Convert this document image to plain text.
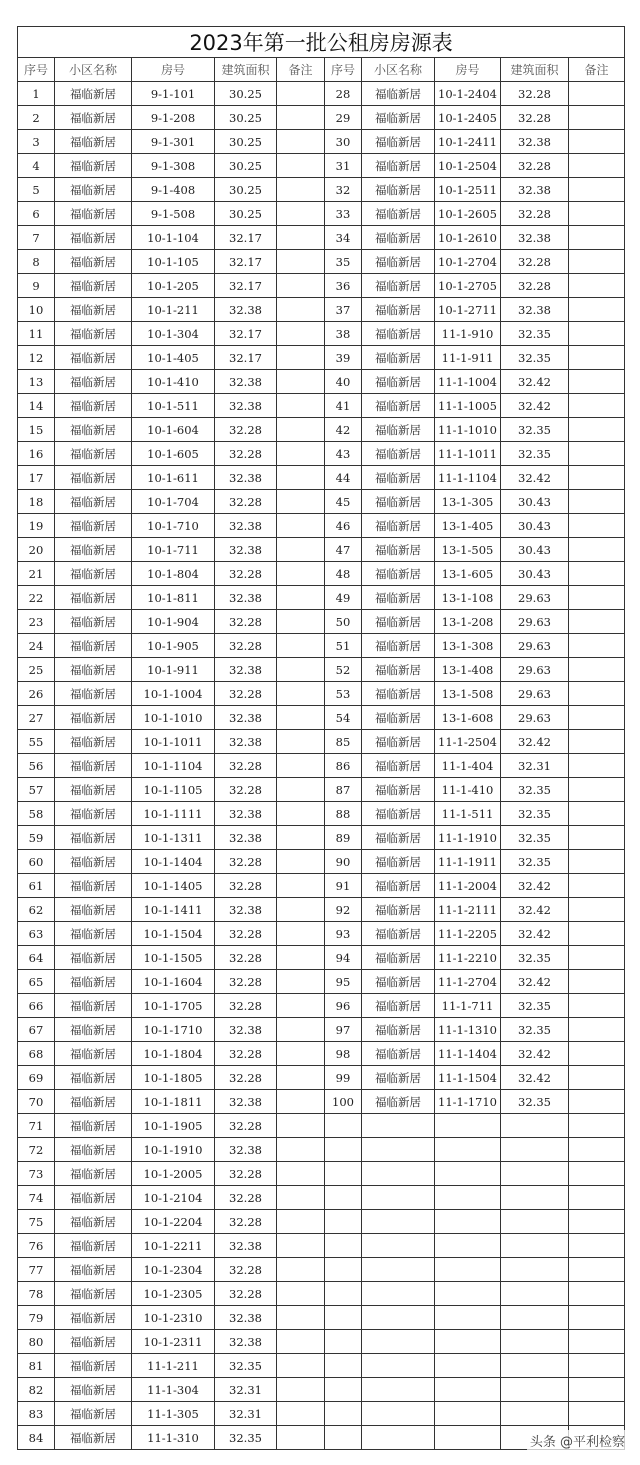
2023年第一批公租房房源表									
序号	小区名称	房号	建筑面积	备注	序号	小区名称	房号	建筑面积	备注
1	福临新居	9-1-101	30.25		28	福临新居	10-1-2404	32.28	
2	福临新居	9-1-208	30.25		29	福临新居	10-1-2405	32.28	
3	福临新居	9-1-301	30.25		30	福临新居	10-1-2411	32.38	
4	福临新居	9-1-308	30.25		31	福临新居	10-1-2504	32.28	
5	福临新居	9-1-408	30.25		32	福临新居	10-1-2511	32.38	
6	福临新居	9-1-508	30.25		33	福临新居	10-1-2605	32.28	
7	福临新居	10-1-104	32.17		34	福临新居	10-1-2610	32.38	
8	福临新居	10-1-105	32.17		35	福临新居	10-1-2704	32.28	
9	福临新居	10-1-205	32.17		36	福临新居	10-1-2705	32.28	
10	福临新居	10-1-211	32.38		37	福临新居	10-1-2711	32.38	
11	福临新居	10-1-304	32.17		38	福临新居	11-1-910	32.35	
12	福临新居	10-1-405	32.17		39	福临新居	11-1-911	32.35	
13	福临新居	10-1-410	32.38		40	福临新居	11-1-1004	32.42	
14	福临新居	10-1-511	32.38		41	福临新居	11-1-1005	32.42	
15	福临新居	10-1-604	32.28		42	福临新居	11-1-1010	32.35	
16	福临新居	10-1-605	32.28		43	福临新居	11-1-1011	32.35	
17	福临新居	10-1-611	32.38		44	福临新居	11-1-1104	32.42	
18	福临新居	10-1-704	32.28		45	福临新居	13-1-305	30.43	
19	福临新居	10-1-710	32.38		46	福临新居	13-1-405	30.43	
20	福临新居	10-1-711	32.38		47	福临新居	13-1-505	30.43	
21	福临新居	10-1-804	32.28		48	福临新居	13-1-605	30.43	
22	福临新居	10-1-811	32.38		49	福临新居	13-1-108	29.63	
23	福临新居	10-1-904	32.28		50	福临新居	13-1-208	29.63	
24	福临新居	10-1-905	32.28		51	福临新居	13-1-308	29.63	
25	福临新居	10-1-911	32.38		52	福临新居	13-1-408	29.63	
26	福临新居	10-1-1004	32.28		53	福临新居	13-1-508	29.63	
27	福临新居	10-1-1010	32.38		54	福临新居	13-1-608	29.63	
55	福临新居	10-1-1011	32.38		85	福临新居	11-1-2504	32.42	
56	福临新居	10-1-1104	32.28		86	福临新居	11-1-404	32.31	
57	福临新居	10-1-1105	32.28		87	福临新居	11-1-410	32.35	
58	福临新居	10-1-1111	32.38		88	福临新居	11-1-511	32.35	
59	福临新居	10-1-1311	32.38		89	福临新居	11-1-1910	32.35	
60	福临新居	10-1-1404	32.28		90	福临新居	11-1-1911	32.35	
61	福临新居	10-1-1405	32.28		91	福临新居	11-1-2004	32.42	
62	福临新居	10-1-1411	32.38		92	福临新居	11-1-2111	32.42	
63	福临新居	10-1-1504	32.28		93	福临新居	11-1-2205	32.42	
64	福临新居	10-1-1505	32.28		94	福临新居	11-1-2210	32.35	
65	福临新居	10-1-1604	32.28		95	福临新居	11-1-2704	32.42	
66	福临新居	10-1-1705	32.28		96	福临新居	11-1-711	32.35	
67	福临新居	10-1-1710	32.38		97	福临新居	11-1-1310	32.35	
68	福临新居	10-1-1804	32.28		98	福临新居	11-1-1404	32.42	
69	福临新居	10-1-1805	32.28		99	福临新居	11-1-1504	32.42	
70	福临新居	10-1-1811	32.38		100	福临新居	11-1-1710	32.35	
71	福临新居	10-1-1905	32.28						
72	福临新居	10-1-1910	32.38						
73	福临新居	10-1-2005	32.28						
74	福临新居	10-1-2104	32.28						
75	福临新居	10-1-2204	32.28						
76	福临新居	10-1-2211	32.38						
77	福临新居	10-1-2304	32.28						
78	福临新居	10-1-2305	32.28						
79	福临新居	10-1-2310	32.38						
80	福临新居	10-1-2311	32.38						
81	福临新居	11-1-211	32.35						
82	福临新居	11-1-304	32.31						
83	福临新居	11-1-305	32.31						
84	福临新居	11-1-310	32.35							头条 @平利检察
